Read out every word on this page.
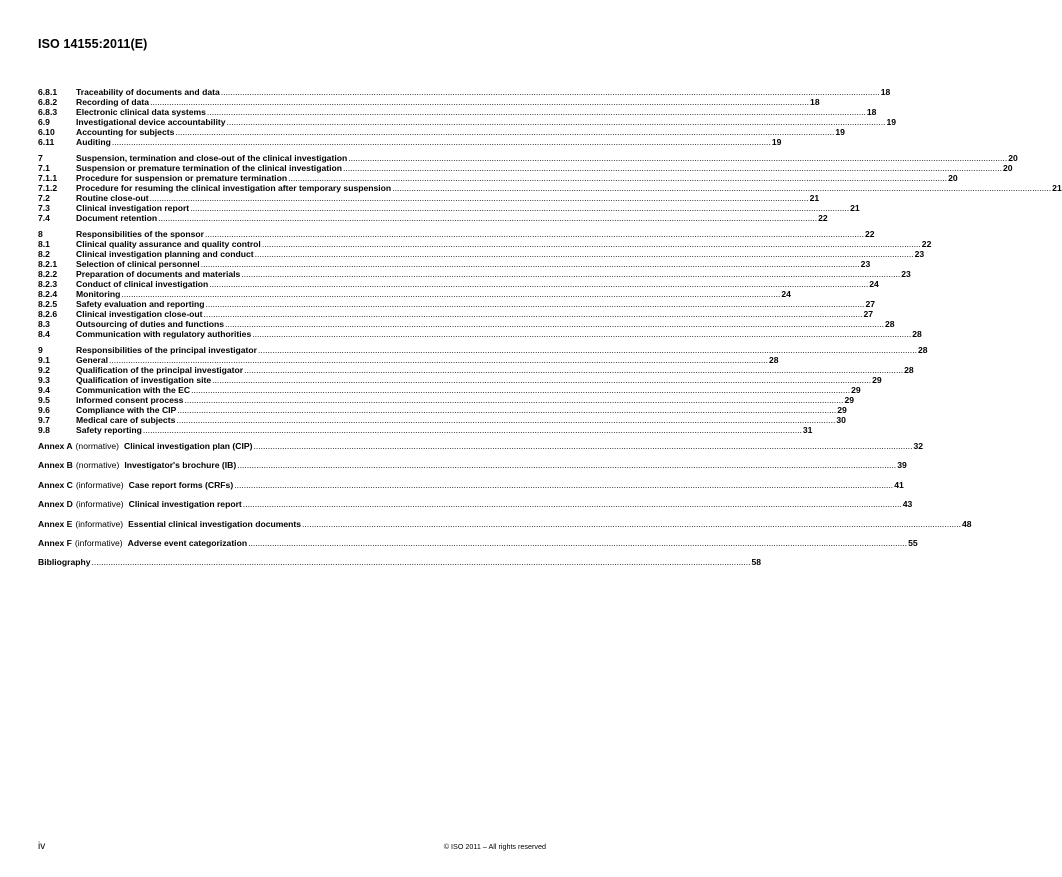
ISO 14155:2011(E)
6.8.1	Traceability of documents and data .....	18
6.8.2	Recording of data .....	18
6.8.3	Electronic clinical data systems .....	18
6.9	Investigational device accountability .....	19
6.10	Accounting for subjects .....	19
6.11	Auditing .....	19
7	Suspension, termination and close-out of the clinical investigation .....	20
7.1	Suspension or premature termination of the clinical investigation .....	20
7.1.1	Procedure for suspension or premature termination .....	20
7.1.2	Procedure for resuming the clinical investigation after temporary suspension .....	21
7.2	Routine close-out .....	21
7.3	Clinical investigation report .....	21
7.4	Document retention .....	22
8	Responsibilities of the sponsor .....	22
8.1	Clinical quality assurance and quality control .....	22
8.2	Clinical investigation planning and conduct .....	23
8.2.1	Selection of clinical personnel .....	23
8.2.2	Preparation of documents and materials .....	23
8.2.3	Conduct of clinical investigation .....	24
8.2.4	Monitoring .....	24
8.2.5	Safety evaluation and reporting .....	27
8.2.6	Clinical investigation close-out .....	27
8.3	Outsourcing of duties and functions .....	28
8.4	Communication with regulatory authorities .....	28
9	Responsibilities of the principal investigator .....	28
9.1	General .....	28
9.2	Qualification of the principal investigator .....	28
9.3	Qualification of investigation site .....	29
9.4	Communication with the EC .....	29
9.5	Informed consent process .....	29
9.6	Compliance with the CIP .....	29
9.7	Medical care of subjects .....	30
9.8	Safety reporting .....	31
Annex A (normative) Clinical investigation plan (CIP) .....	32
Annex B (normative) Investigator's brochure (IB) .....	39
Annex C (informative) Case report forms (CRFs) .....	41
Annex D (informative) Clinical investigation report .....	43
Annex E (informative) Essential clinical investigation documents .....	48
Annex F (informative) Adverse event categorization .....	55
Bibliography .....	58
iv	© ISO 2011 – All rights reserved
